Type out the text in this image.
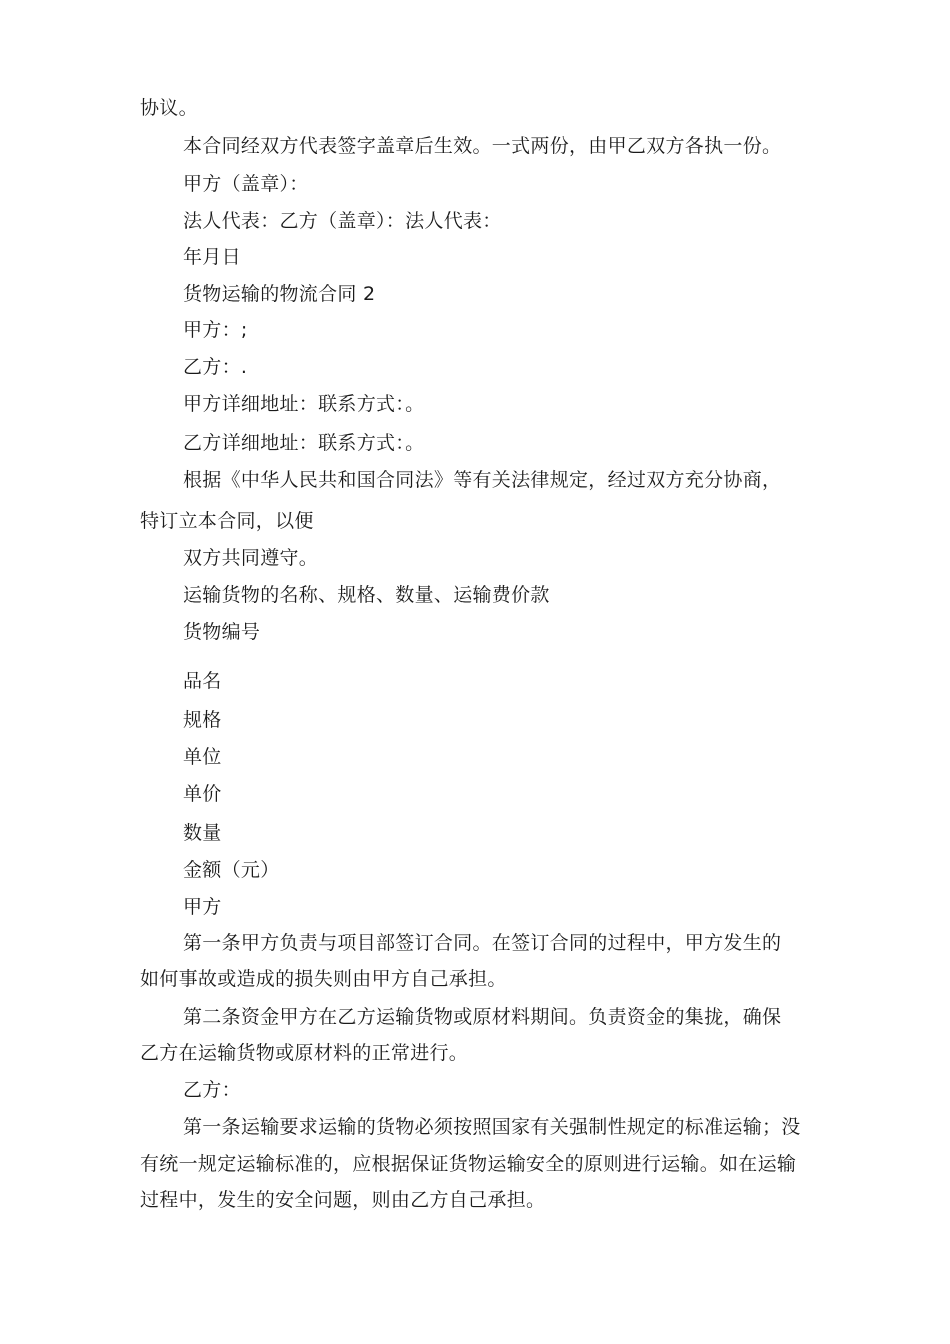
协议。
本合同经双方代表签字盖章后生效。一式两份，由甲乙双方各执一份。
甲方（盖章）：
法人代表：乙方（盖章）：法人代表：
年月日
货物运输的物流合同 2
甲方：;
乙方：.
甲方详细地址：联系方式：。
乙方详细地址：联系方式：。
根据《中华人民共和国合同法》等有关法律规定，经过双方充分协商，
特订立本合同，以便
双方共同遵守。
运输货物的名称、规格、数量、运输费价款
货物编号
品名
规格
单位
单价
数量
金额（元）
甲方
第一条甲方负责与项目部签订合同。在签订合同的过程中，甲方发生的
如何事故或造成的损失则由甲方自己承担。
第二条资金甲方在乙方运输货物或原材料期间。负责资金的集拢，确保
乙方在运输货物或原材料的正常进行。
乙方：
第一条运输要求运输的货物必须按照国家有关强制性规定的标准运输；没
有统一规定运输标准的，应根据保证货物运输安全的原则进行运输。如在运输
过程中，发生的安全问题，则由乙方自己承担。
